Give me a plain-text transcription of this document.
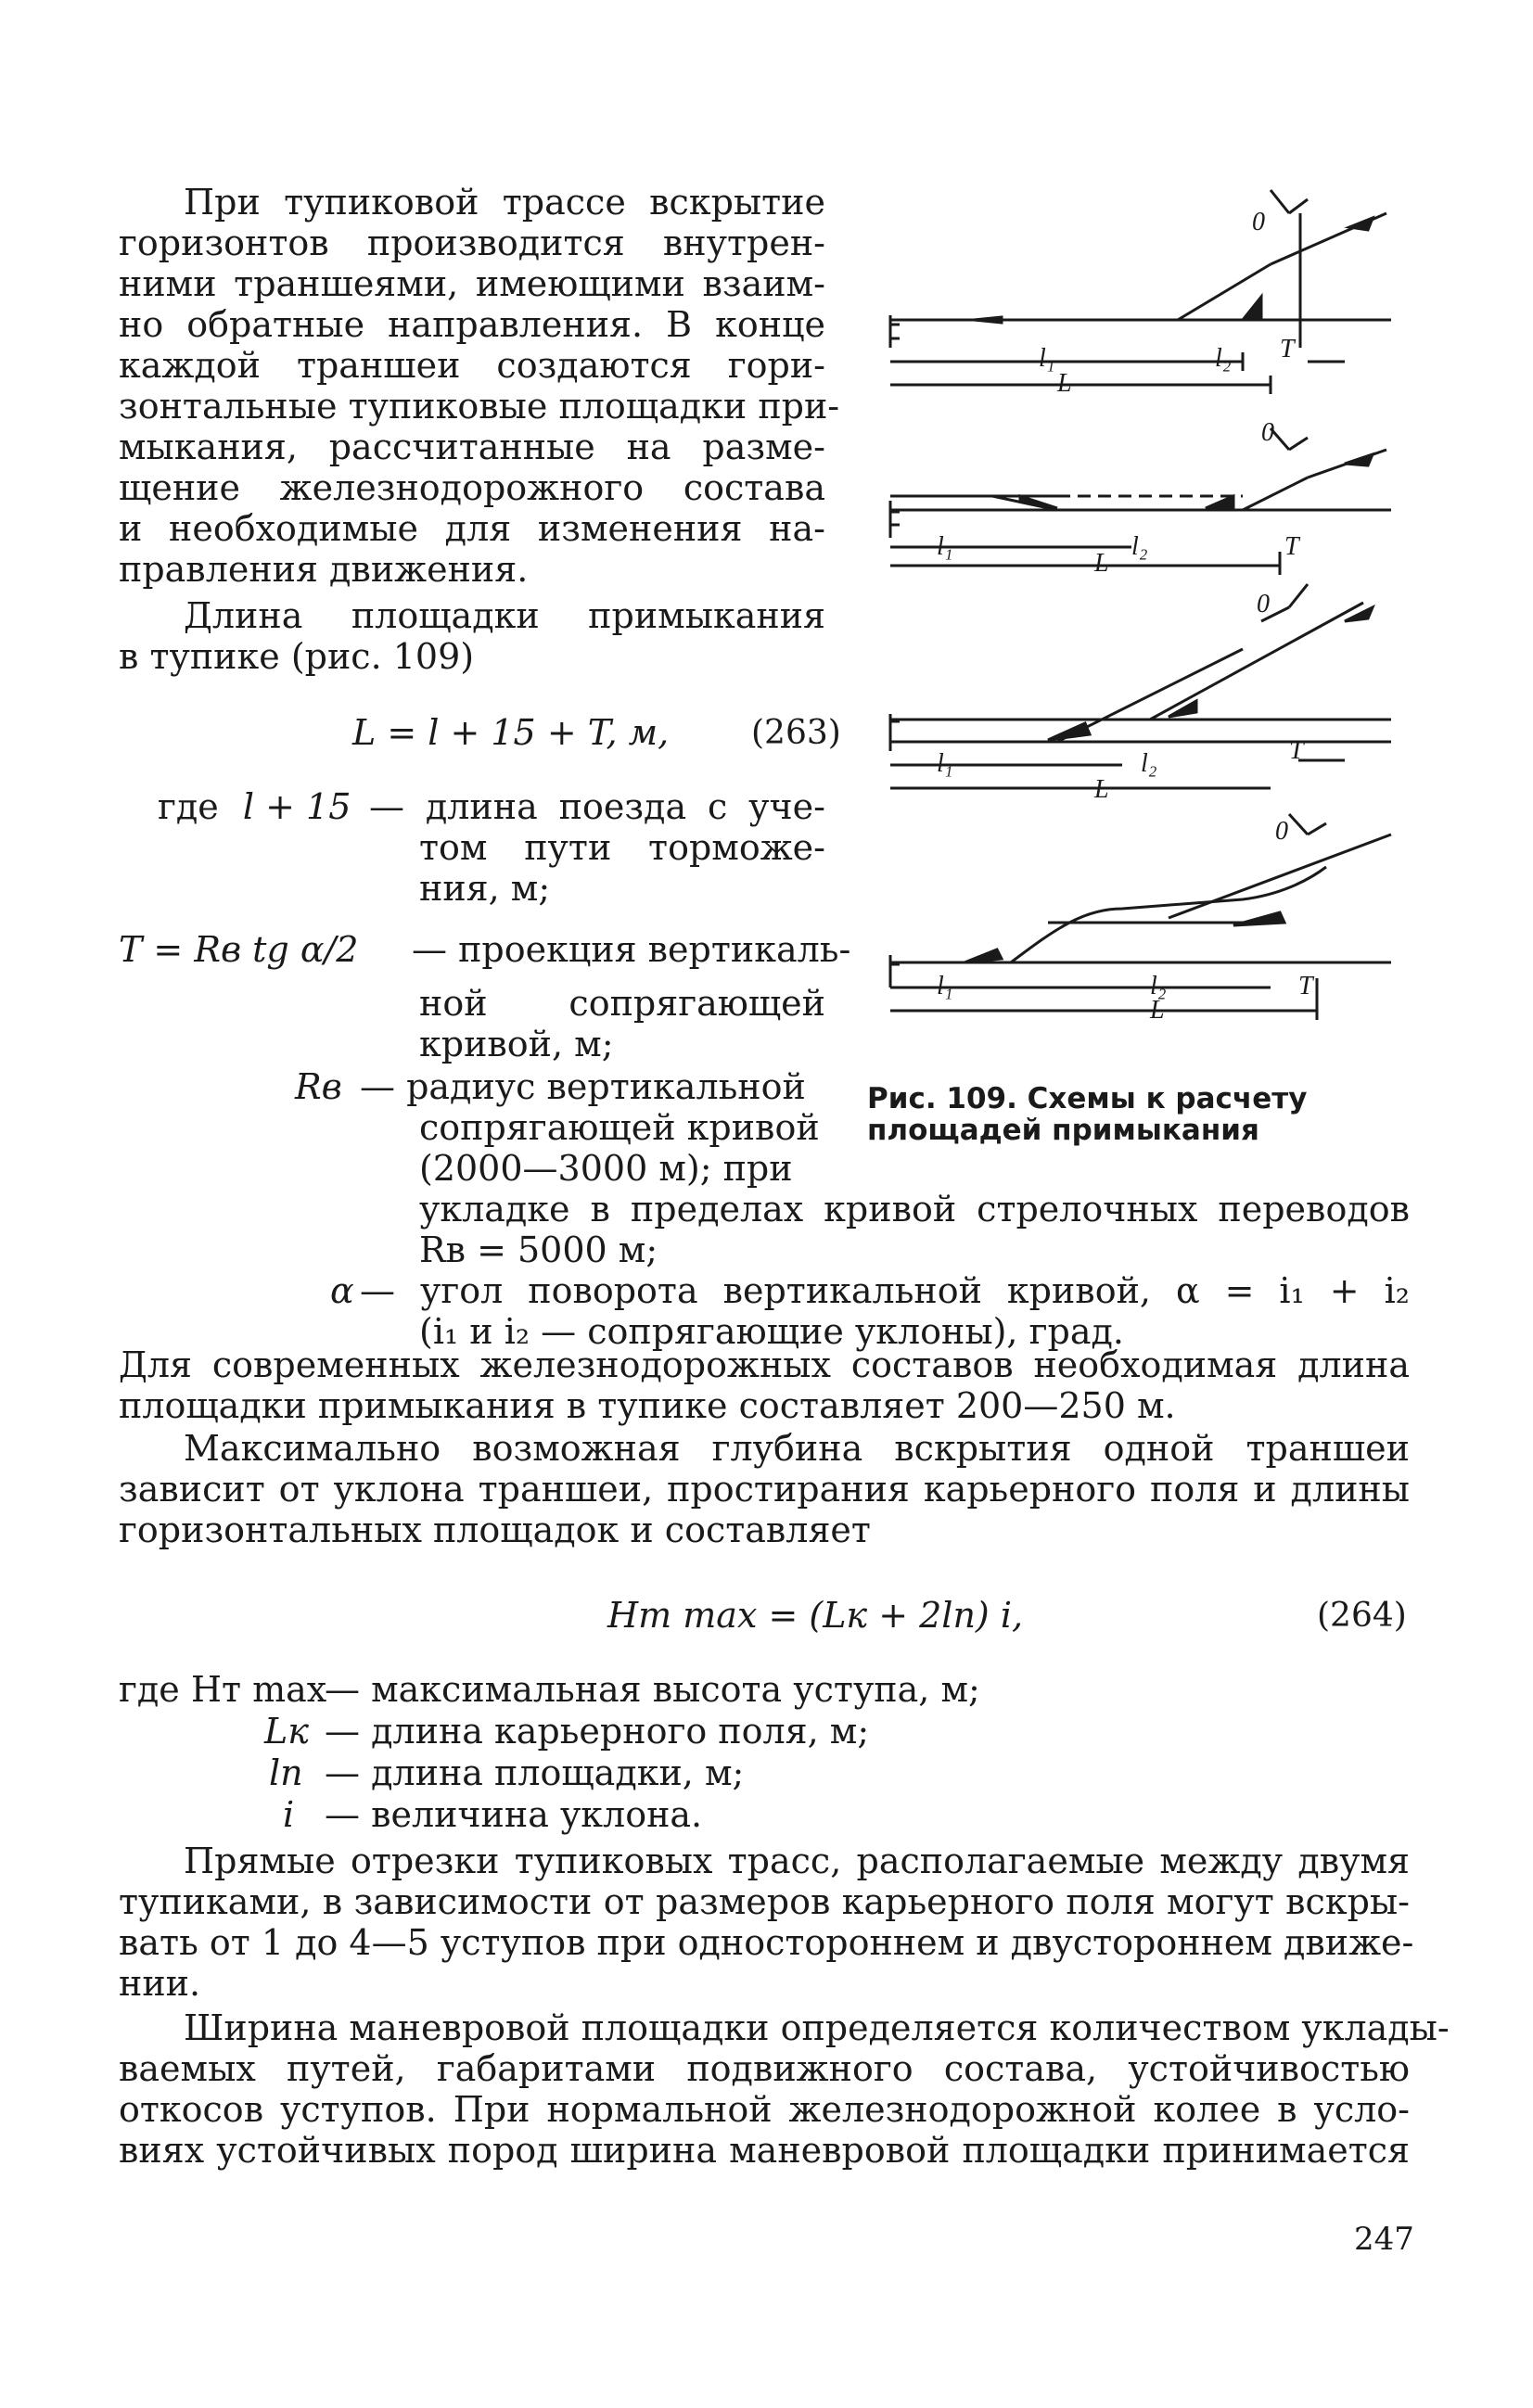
При тупиковой трассе вскрытие
горизонтов производится внутрен-
ними траншеями, имеющими взаим-
но обратные направления. В конце
каждой траншеи создаются гори-
зонтальные тупиковые площадки при-
мыкания, рассчитанные на разме-
щение железнодорожного состава
и необходимые для изменения на-
правления движения.
Длина площадки примыкания
в тупике (рис. 109)
L = l + 15 + T, м, (263)
где l + 15 — длина поезда с уче-
том пути торможе-
ния, м;
T = Rв tg α/2 — проекция вертикаль-
ной сопрягающей
кривой, м;
Rв — радиус вертикальной
сопрягающей кривой
(2000—3000 м); при
укладке в пределах кривой стрелочных переводов
Rв = 5000 м;
α — угол поворота вертикальной кривой, α = i₁ + i₂
(i₁ и i₂ — сопрягающие уклоны), град.
0
l₁	l₂ T
L
0
l₁	l₂	T
L
0
l₁	l₂	T
L
0
l₁	l₂	T
L
Рис. 109. Схемы к расчету площадей примыкания
Для современных железнодорожных составов необходимая длина
площадки примыкания в тупике составляет 200—250 м.
Максимально возможная глубина вскрытия одной траншеи
зависит от уклона траншеи, простирания карьерного поля и длины
горизонтальных площадок и составляет
Hт max = (Lк + 2lп) i,	(264)
где Hт max
— максимальная высота уступа, м;
Lк — длина карьерного поля, м;
lп — длина площадки, м;
i — величина уклона.
Прямые отрезки тупиковых трасс, располагаемые между двумя
тупиками, в зависимости от размеров карьерного поля могут вскры-
вать от 1 до 4—5 уступов при одностороннем и двустороннем движе-
нии.
Ширина маневровой площадки определяется количеством уклады-
ваемых путей, габаритами подвижного состава, устойчивостью
откосов уступов. При нормальной железнодорожной колее в усло-
виях устойчивых пород ширина маневровой площадки принимается
247
